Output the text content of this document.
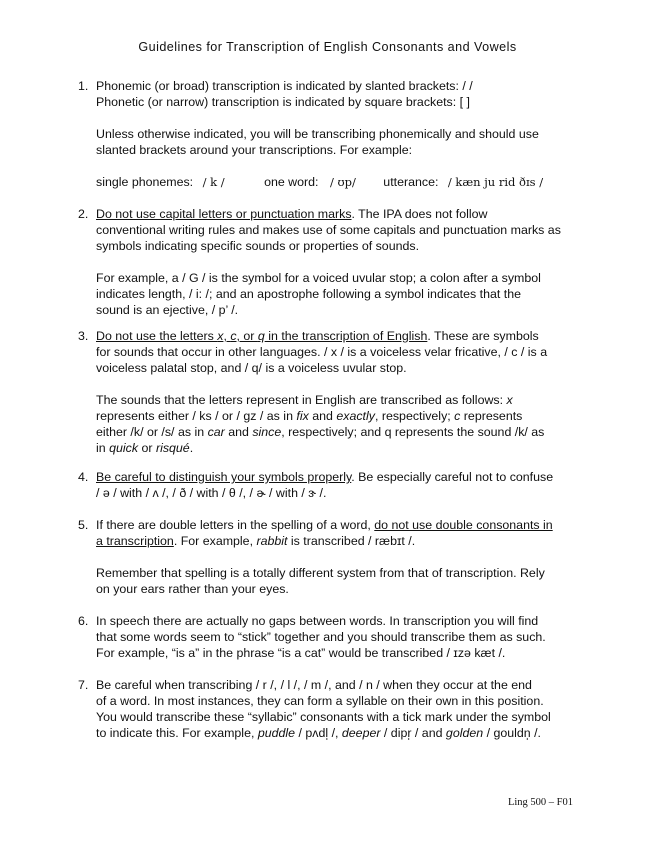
Guidelines for Transcription of English Consonants and Vowels
1. Phonemic (or broad) transcription is indicated by slanted brackets: / /
Phonetic (or narrow) transcription is indicated by square brackets: [ ]
Unless otherwise indicated, you will be transcribing phonemically and should use
slanted brackets around your transcriptions. For example:
single phonemes: / k /	one word: / ʊp/ utterance: / kæn ju rid ðɪs /
2. Do not use capital letters or punctuation marks. The IPA does not follow
conventional writing rules and makes use of some capitals and punctuation marks as
symbols indicating specific sounds or properties of sounds.
For example, a / G / is the symbol for a voiced uvular stop; a colon after a symbol
indicates length, / i: /; and an apostrophe following a symbol indicates that the
sound is an ejective, / p’ /.
3. Do not use the letters x, c, or q in the transcription of English. These are symbols
for sounds that occur in other languages. / x / is a voiceless velar fricative, / c / is a
voiceless palatal stop, and / q/ is a voiceless uvular stop.
The sounds that the letters represent in English are transcribed as follows: x
represents either / ks / or / gz / as in fix and exactly, respectively; c represents
either /k/ or /s/ as in car and since, respectively; and q represents the sound /k/ as
in quick or risqué.
4. Be careful to distinguish your symbols properly. Be especially careful not to confuse
/ ə / with / ʌ /, / ð / with / θ /, / ɚ / with / ɝ /.
5. If there are double letters in the spelling of a word, do not use double consonants in
a transcription. For example, rabbit is transcribed / ræbɪt /.
Remember that spelling is a totally different system from that of transcription. Rely
on your ears rather than your eyes.
6. In speech there are actually no gaps between words. In transcription you will find
that some words seem to “stick” together and you should transcribe them as such.
For example, “is a” in the phrase “is a cat” would be transcribed / ɪzə kæt /.
7. Be careful when transcribing / r /, / l /, / m /, and / n / when they occur at the end
of a word. In most instances, they can form a syllable on their own in this position.
You would transcribe these “syllabic” consonants with a tick mark under the symbol
to indicate this. For example, puddle / pʌdl̩ /, deeper / dipr̩ / and golden / gouldn̩ /.
Ling 500 – F01
